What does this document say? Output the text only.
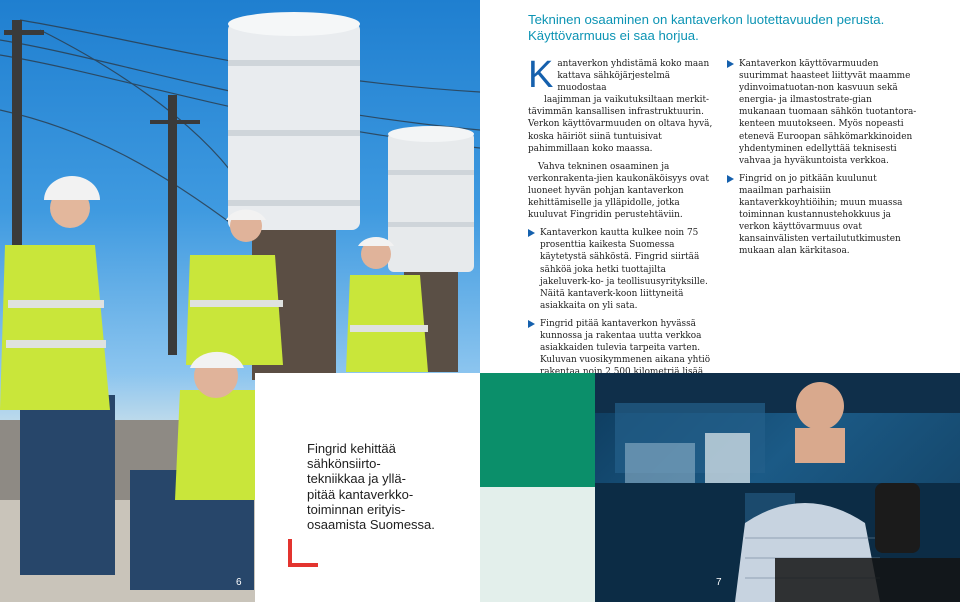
Fingrid kehittää
sähkönsiirto-
tekniikkaa ja yllä-
pitää kantaverkko-
toiminnan erityis-
osaamista Suomessa.
6
Tekninen osaaminen on kantaverkon luotettavuuden perusta. Käyttövarmuus ei saa horjua.
K antaverkon yhdistämä koko maan
kattava sähköjärjestelmä muodostaa
laajimman ja vaikutuksiltaan merkit-
tävimmän kansallisen infrastruktuurin. Verkon käyttövarmuuden on oltava hyvä, koska häiriöt siinä tuntuisivat pahimmillaan koko maassa.
Vahva tekninen osaaminen ja verkonrakenta-jien kaukonäköisyys ovat luoneet hyvän pohjan kantaverkon kehittämiselle ja ylläpidolle, jotka kuuluvat Fingridin perustehtäviin.
Kantaverkon kautta kulkee noin 75 prosenttia kaikesta Suomessa käytetystä sähköstä. Fingrid siirtää sähköä joka hetki tuottajilta jakeluverk-ko- ja teollisuusyrityksille. Näitä kantaverk-koon liittyneitä asiakkaita on yli sata.
Fingrid pitää kantaverkon hyvässä kunnossa ja rakentaa uutta verkkoa asiakkaiden tulevia tarpeita varten. Kuluvan vuosikymmenen aikana yhtiö
Kantaverkon käyttövarmuuden suurimmat haasteet liittyvät maamme ydinvoimatuotan-non kasvuun sekä energia- ja ilmastostrate-gian mukanaan tuomaan sähkön tuotantora-kenteen muutokseen. Myös nopeasti etenevä Euroopan sähkömarkkinoiden yhdentyminen edellyttää teknisesti vahvaa ja hyväkuntoista verkkoa.
Fingrid on jo pitkään kuulunut maailman parhaisiin kantaverkkoyhtiöihin; muun muassa toiminnan kustannustehokkuus ja verkon käyttövarmuus ovat kansainvälisten vertailututkimusten mukaan alan kärkitasoa.
7
